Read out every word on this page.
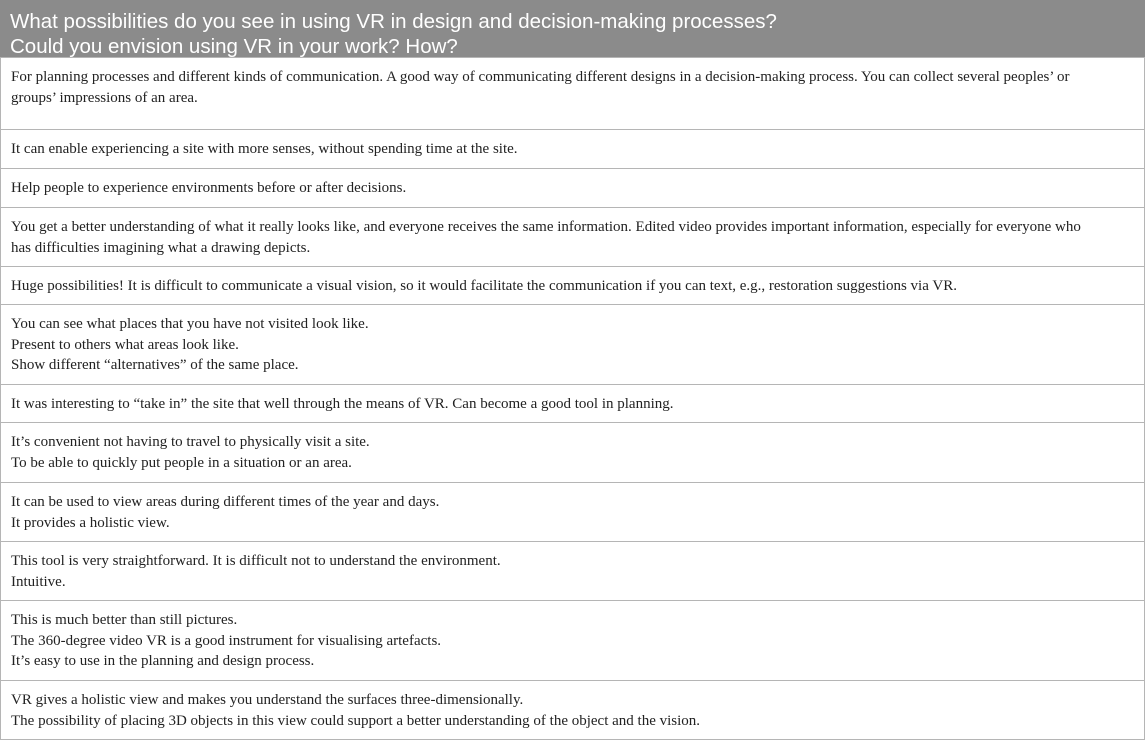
What possibilities do you see in using VR in design and decision-making processes?
Could you envision using VR in your work? How?
For planning processes and different kinds of communication. A good way of communicating different designs in a decision-making process. You can collect several peoples’ or
groups’ impressions of an area.
It can enable experiencing a site with more senses, without spending time at the site.
Help people to experience environments before or after decisions.
You get a better understanding of what it really looks like, and everyone receives the same information. Edited video provides important information, especially for everyone who
has difficulties imagining what a drawing depicts.
Huge possibilities! It is difficult to communicate a visual vision, so it would facilitate the communication if you can text, e.g., restoration suggestions via VR.
You can see what places that you have not visited look like.
Present to others what areas look like.
Show different “alternatives” of the same place.
It was interesting to “take in” the site that well through the means of VR. Can become a good tool in planning.
It’s convenient not having to travel to physically visit a site.
To be able to quickly put people in a situation or an area.
It can be used to view areas during different times of the year and days.
It provides a holistic view.
This tool is very straightforward. It is difficult not to understand the environment.
Intuitive.
This is much better than still pictures.
The 360-degree video VR is a good instrument for visualising artefacts.
It’s easy to use in the planning and design process.
VR gives a holistic view and makes you understand the surfaces three-dimensionally.
The possibility of placing 3D objects in this view could support a better understanding of the object and the vision.
